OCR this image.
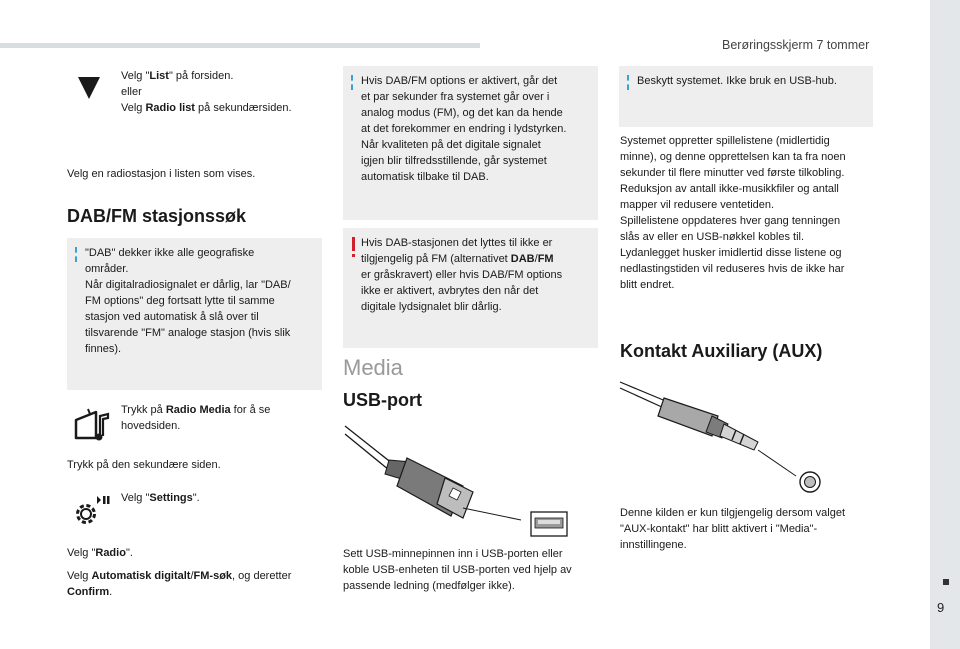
Berøringsskjerm 7 tommer
9
Velg "List" på forsiden.
eller
Velg Radio list på sekundærsiden.
Velg en radiostasjon i listen som vises.
DAB/FM stasjonssøk
"DAB" dekker ikke alle geografiske
områder.
Når digitalradiosignalet er dårlig, lar "DAB/
FM options" deg fortsatt lytte til samme
stasjon ved automatisk å slå over til
tilsvarende "FM" analoge stasjon (hvis slik
finnes).
Trykk på Radio Media for å se
hovedsiden.
Trykk på den sekundære siden.
Velg "Settings".
Velg "Radio".
Velg Automatisk digitalt/FM-søk, og deretter
Confirm.
Hvis DAB/FM options er aktivert, går det
et par sekunder fra systemet går over i
analog modus (FM), og det kan da hende
at det forekommer en endring i lydstyrken.
Når kvaliteten på det digitale signalet
igjen blir tilfredsstillende, går systemet
automatisk tilbake til DAB.
Hvis DAB-stasjonen det lyttes til ikke er
tilgjengelig på FM (alternativet DAB/FM
er gråskravert) eller hvis DAB/FM options
ikke er aktivert, avbrytes den når det
digitale lydsignalet blir dårlig.
Media
USB-port
Sett USB-minnepinnen inn i USB-porten eller
koble USB-enheten til USB-porten ved hjelp av
passende ledning (medfølger ikke).
Beskytt systemet. Ikke bruk en USB-hub.
Systemet oppretter spillelistene (midlertidig
minne), og denne opprettelsen kan ta fra noen
sekunder til flere minutter ved første tilkobling.
Reduksjon av antall ikke-musikkfiler og antall
mapper vil redusere ventetiden.
Spillelistene oppdateres hver gang tenningen
slås av eller en USB-nøkkel kobles til.
Lydanlegget husker imidlertid disse listene og
nedlastingstiden vil reduseres hvis de ikke har
blitt endret.
Kontakt Auxiliary (AUX)
Denne kilden er kun tilgjengelig dersom valget
"AUX-kontakt" har blitt aktivert i "Media"-
innstillingene.
